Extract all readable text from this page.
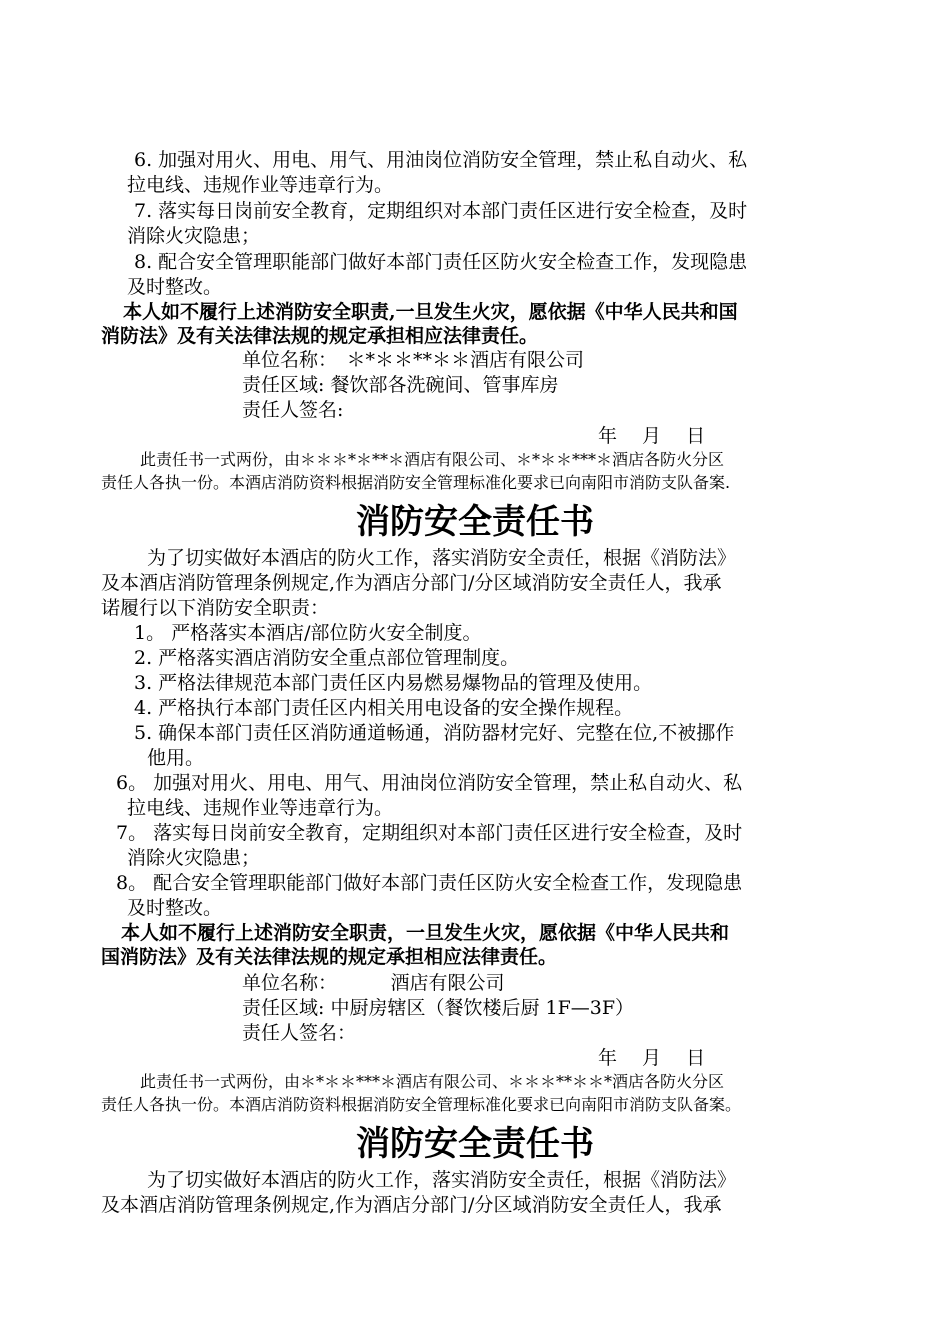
6. 加强对用火、用电、用气、用油岗位消防安全管理，禁止私自动火、私
拉电线、违规作业等违章行为。
7. 落实每日岗前安全教育，定期组织对本部门责任区进行安全检查，及时
消除火灾隐患；
8. 配合安全管理职能部门做好本部门责任区防火安全检查工作，发现隐患
及时整改。
本人如不履行上述消防安全职责,一旦发生火灾，愿依据《中华人民共和国
消防法》及有关法律法规的规定承担相应法律责任。
单位名称：　＊*＊＊**＊＊酒店有限公司
责任区域: 餐饮部各洗碗间、管事库房
责任人签名:
年　 月　 日
此责任书一式两份，由＊＊＊*＊**＊酒店有限公司、＊*＊＊***＊酒店各防火分区
责任人各执一份。本酒店消防资料根据消防安全管理标准化要求已向南阳市消防支队备案.
消防安全责任书
为了切实做好本酒店的防火工作，落实消防安全责任，根据《消防法》
及本酒店消防管理条例规定,作为酒店分部门/分区域消防安全责任人，我承
诺履行以下消防安全职责：
1。 严格落实本酒店/部位防火安全制度。
2. 严格落实酒店消防安全重点部位管理制度。
3. 严格法律规范本部门责任区内易燃易爆物品的管理及使用。
4. 严格执行本部门责任区内相关用电设备的安全操作规程。
5. 确保本部门责任区消防通道畅通，消防器材完好、完整在位,不被挪作
他用。
6。 加强对用火、用电、用气、用油岗位消防安全管理，禁止私自动火、私
拉电线、违规作业等违章行为。
7。 落实每日岗前安全教育，定期组织对本部门责任区进行安全检查，及时
消除火灾隐患；
8。 配合安全管理职能部门做好本部门责任区防火安全检查工作，发现隐患
及时整改。
本人如不履行上述消防安全职责，一旦发生火灾，愿依据《中华人民共和
国消防法》及有关法律法规的规定承担相应法律责任。
单位名称：　　　 酒店有限公司
责任区域: 中厨房辖区（餐饮楼后厨 1F—3F）
责任人签名：
年　 月　 日
此责任书一式两份，由＊*＊＊***＊酒店有限公司、＊＊＊**＊＊*酒店各防火分区
责任人各执一份。本酒店消防资料根据消防安全管理标准化要求已向南阳市消防支队备案。
消防安全责任书
为了切实做好本酒店的防火工作，落实消防安全责任，根据《消防法》
及本酒店消防管理条例规定,作为酒店分部门/分区域消防安全责任人，我承
